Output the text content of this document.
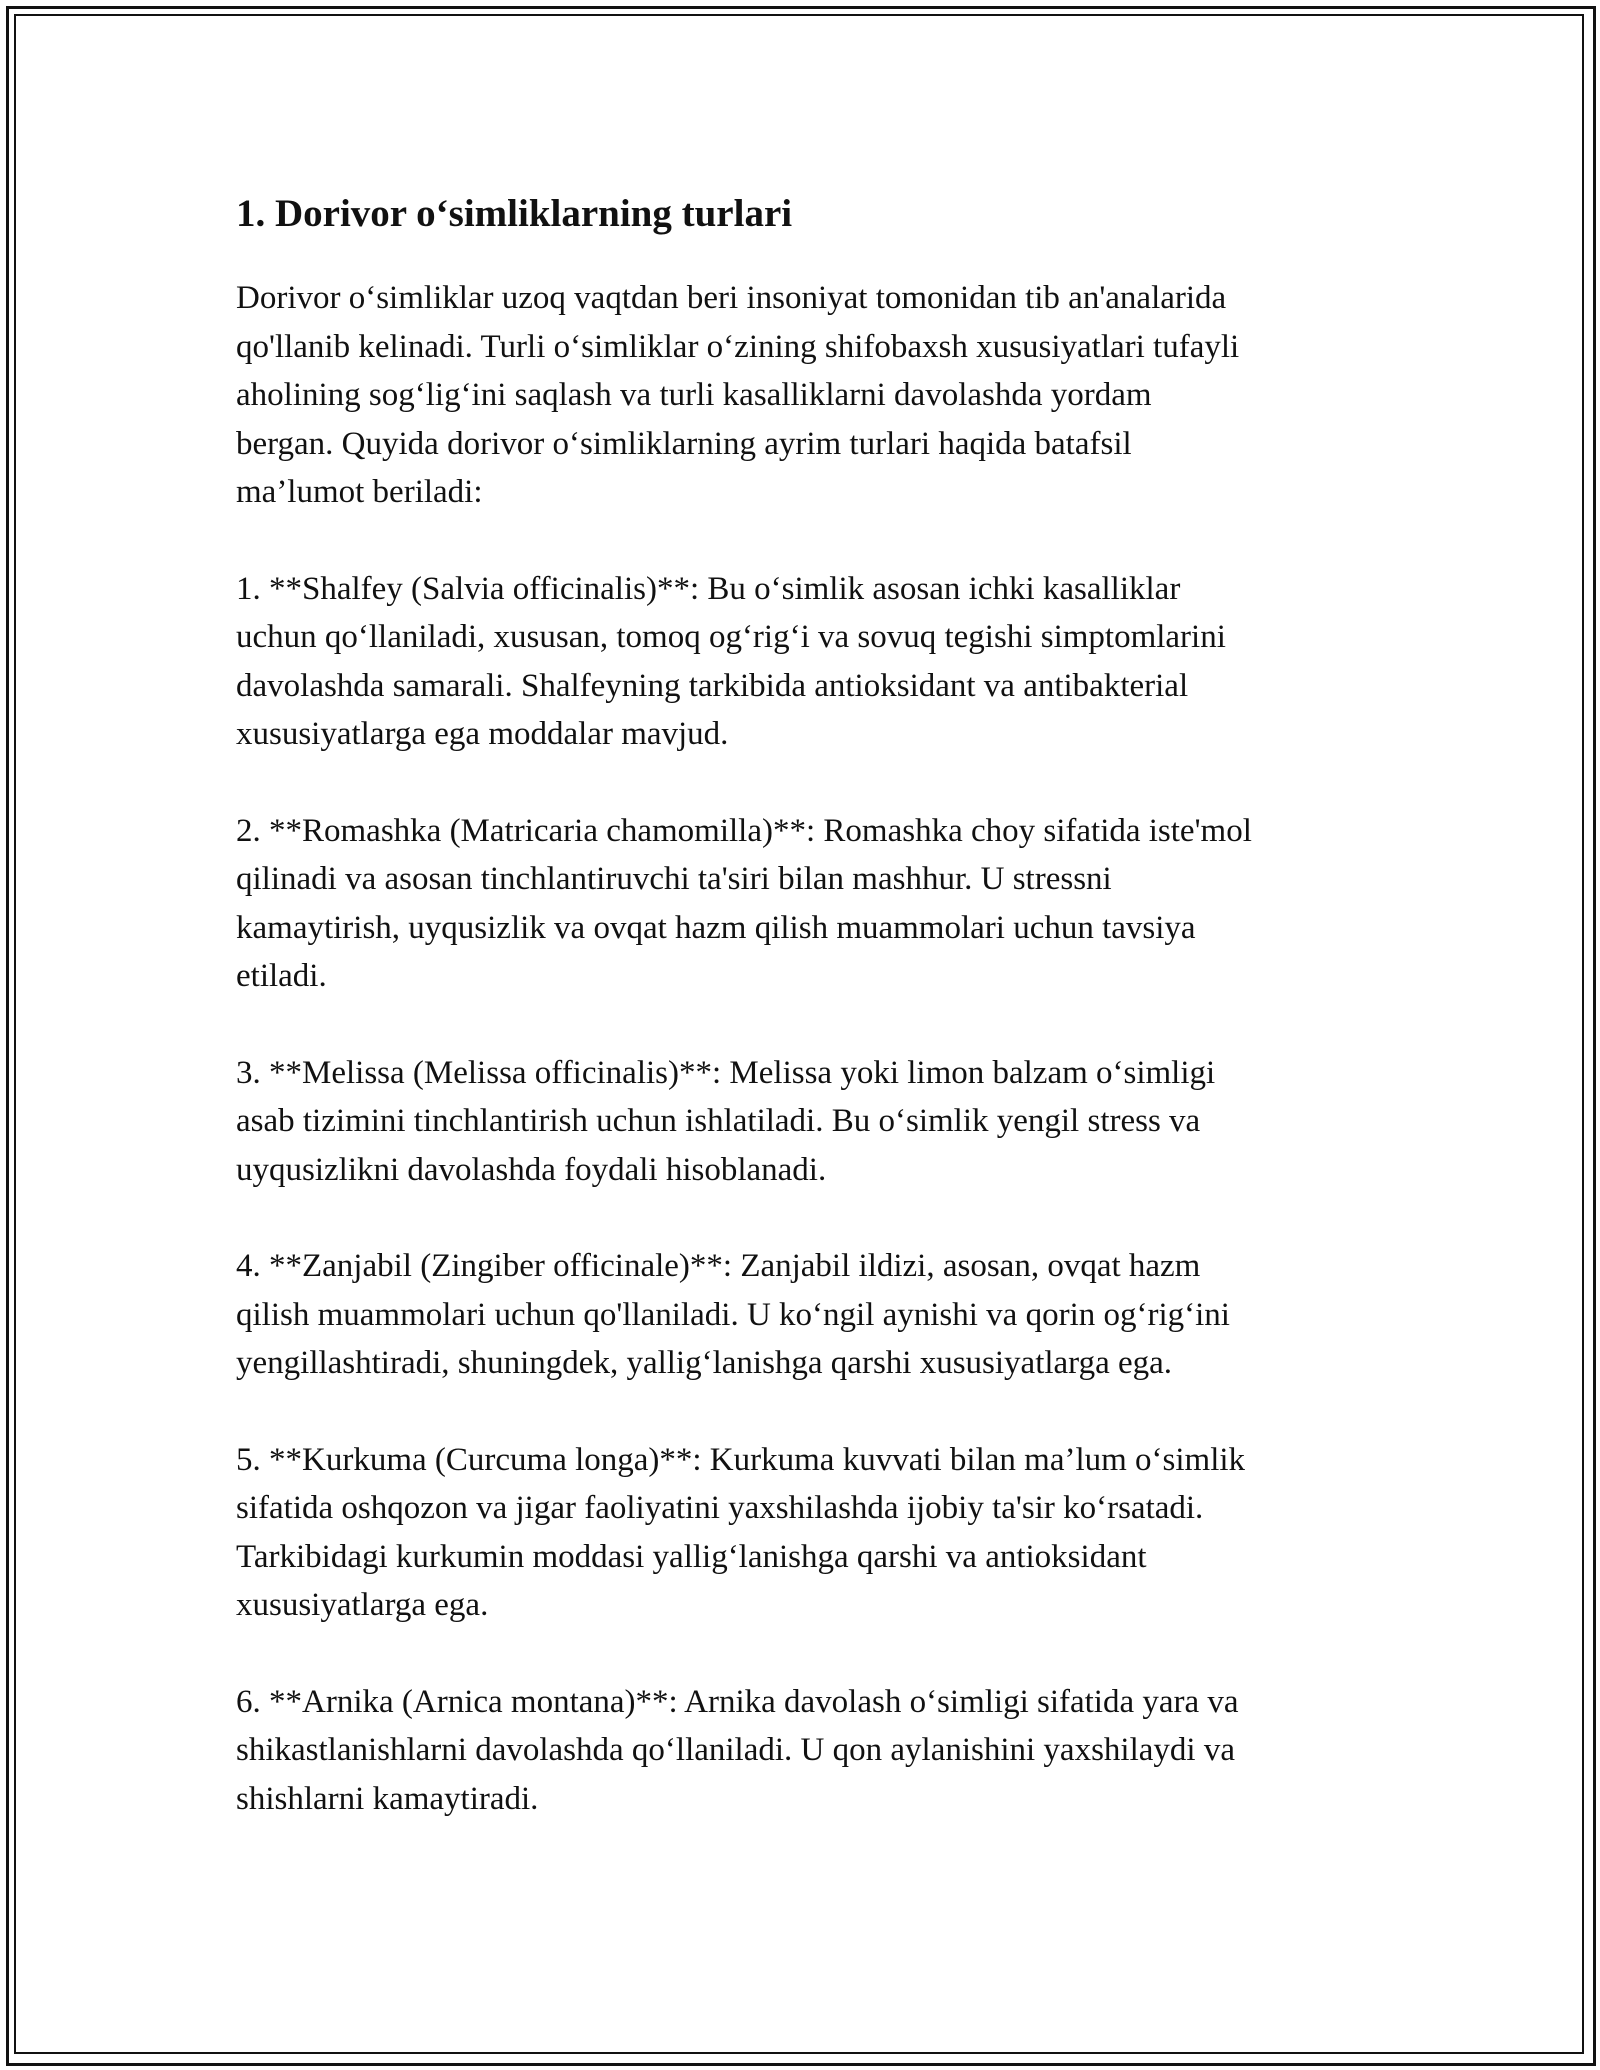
1. Dorivor o‘simliklarning turlari

Dorivor o‘simliklar uzoq vaqtdan beri insoniyat tomonidan tib an'analarida
qo'llanib kelinadi. Turli o‘simliklar o‘zining shifobaxsh xususiyatlari tufayli
aholining sog‘lig‘ini saqlash va turli kasalliklarni davolashda yordam
bergan. Quyida dorivor o‘simliklarning ayrim turlari haqida batafsil
ma’lumot beriladi:

1. **Shalfey (Salvia officinalis)**: Bu o‘simlik asosan ichki kasalliklar
uchun qo‘llaniladi, xususan, tomoq og‘rig‘i va sovuq tegishi simptomlarini
davolashda samarali. Shalfeyning tarkibida antioksidant va antibakterial
xususiyatlarga ega moddalar mavjud.

2. **Romashka (Matricaria chamomilla)**: Romashka choy sifatida iste'mol
qilinadi va asosan tinchlantiruvchi ta'siri bilan mashhur. U stressni
kamaytirish, uyqusizlik va ovqat hazm qilish muammolari uchun tavsiya
etiladi.

3. **Melissa (Melissa officinalis)**: Melissa yoki limon balzam o‘simligi
asab tizimini tinchlantirish uchun ishlatiladi. Bu o‘simlik yengil stress va
uyqusizlikni davolashda foydali hisoblanadi.

4. **Zanjabil (Zingiber officinale)**: Zanjabil ildizi, asosan, ovqat hazm
qilish muammolari uchun qo'llaniladi. U ko‘ngil aynishi va qorin og‘rig‘ini
yengillashtiradi, shuningdek, yallig‘lanishga qarshi xususiyatlarga ega.

5. **Kurkuma (Curcuma longa)**: Kurkuma kuvvati bilan ma’lum o‘simlik
sifatida oshqozon va jigar faoliyatini yaxshilashda ijobiy ta'sir ko‘rsatadi.
Tarkibidagi kurkumin moddasi yallig‘lanishga qarshi va antioksidant
xususiyatlarga ega.

6. **Arnika (Arnica montana)**: Arnika davolash o‘simligi sifatida yara va
shikastlanishlarni davolashda qo‘llaniladi. U qon aylanishini yaxshilaydi va
shishlarni kamaytiradi.
